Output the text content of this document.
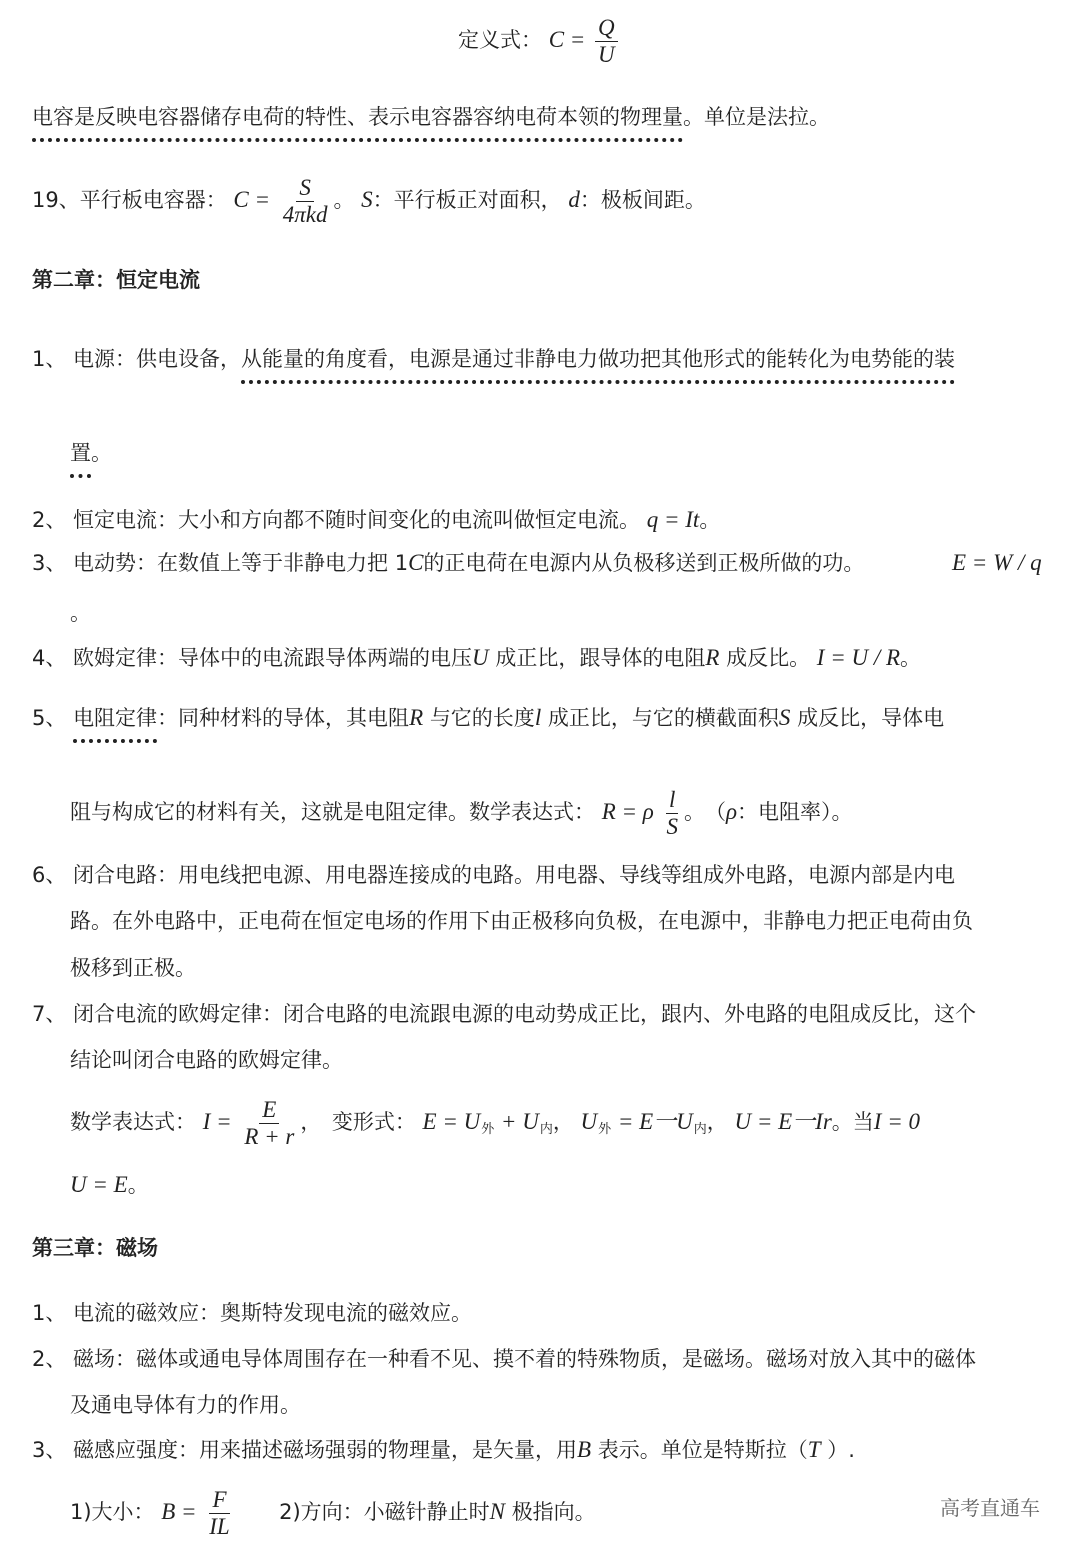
定义式： $C = \frac{Q}{U}$
电容是反映电容器储存电荷的特性、表示电容器容纳电荷本领的物理量。单位是法拉。
19、平行板电容器： $C = \frac{S}{\text{4πkd}}$ 。 S：平行板正对面积， d：极板间距。
第二章：恒定电流
1、 电源：供电设备，从能量的角度看，电源是通过非静电力做功把其他形式的能转化为电势能的装
置。
2、 恒定电流：大小和方向都不随时间变化的电流叫做恒定电流。 q = It。
3、 电动势：在数值上等于非静电力把 1C的正电荷在电源内从负极移送到正极所做的功。	E = W / q
。
4、 欧姆定律：导体中的电流跟导体两端的电压U 成正比，跟导体的电阻R 成反比。 I = U / R。
5、 电阻定律：同种材料的导体，其电阻R 与它的长度l 成正比，与它的横截面积S 成反比，导体电
阻与构成它的材料有关，这就是电阻定律。数学表达式： R = ρ $\frac{l}{S}$ 。　（ρ：电阻率）。
6、 闭合电路：用电线把电源、用电器连接成的电路。用电器、导线等组成外电路，电源内部是内电
路。在外电路中，正电荷在恒定电场的作用下由正极移向负极，在电源中，非静电力把正电荷由负
极移到正极。
7、 闭合电流的欧姆定律：闭合电路的电流跟电源的电动势成正比，跟内、外电路的电阻成反比，这个
结论叫闭合电路的欧姆定律。
数学表达式： $I = \frac{E}{R + r}$ ，　变形式： $E = U_外 + U_内$， $U_外 = E$一$U_内$， U = E一Ir。当I = 0
U = E。
第三章：磁场
1、 电流的磁效应：奥斯特发现电流的磁效应。
2、 磁场：磁体或通电导体周围存在一种看不见、摸不着的特殊物质，是磁场。磁场对放入其中的磁体
及通电导体有力的作用。
3、 磁感应强度：用来描述磁场强弱的物理量，是矢量，用B 表示。单位是特斯拉（T ）.
1)大小： $B = \frac{F}{IL} 2$)方向：小磁针静止时N 极指向。	高考直通车
